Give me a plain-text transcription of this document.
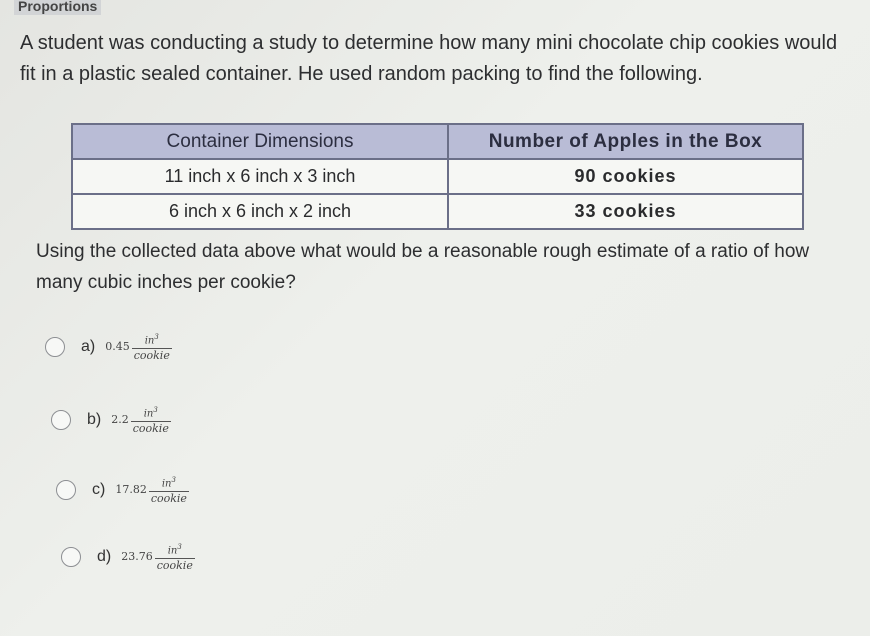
Proportions
A student was conducting a study to determine how many mini chocolate chip cookies would fit in a plastic sealed container. He used random packing to find the following.
Container Dimensions	Number of Apples in the Box
11 inch x 6 inch x 3 inch	90 cookies
6 inch x 6 inch x 2 inch	33 cookies
Using the collected data above what would be a reasonable rough estimate of a ratio of how many cubic inches per cookie?
a) $0.45 \frac{in^3}{\text{cookie}}$
b) $2.2 \frac{in^3}{\text{cookie}}$
c) $17.82 \frac{in^3}{\text{cookie}}$
d) $23.76 \frac{in^3}{\text{cookie}}$
